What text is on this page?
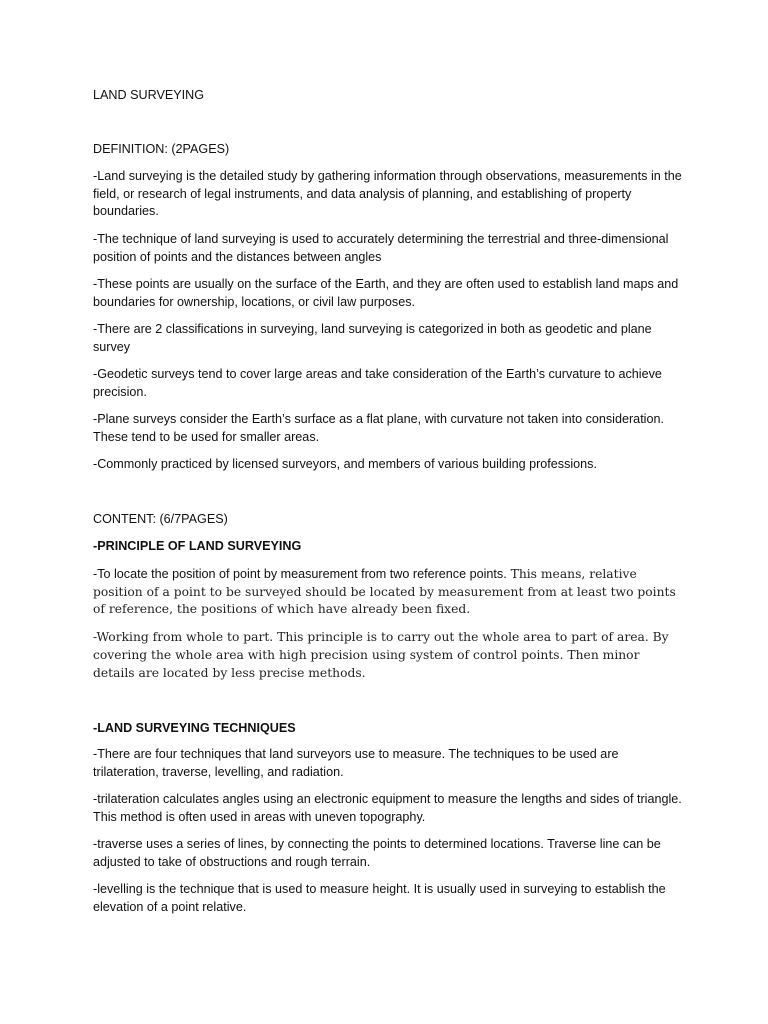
LAND SURVEYING

DEFINITION: (2PAGES)

-Land surveying is the detailed study by gathering information through observations, measurements in the field, or research of legal instruments, and data analysis of planning, and establishing of property boundaries.

-The technique of land surveying is used to accurately determining the terrestrial and three-dimensional position of points and the distances between angles

-These points are usually on the surface of the Earth, and they are often used to establish land maps and boundaries for ownership, locations, or civil law purposes.

-There are 2 classifications in surveying, land surveying is categorized in both as geodetic and plane survey

-Geodetic surveys tend to cover large areas and take consideration of the Earth’s curvature to achieve precision.

-Plane surveys consider the Earth’s surface as a flat plane, with curvature not taken into consideration. These tend to be used for smaller areas.

-Commonly practiced by licensed surveyors, and members of various building professions.

CONTENT: (6/7PAGES)

-PRINCIPLE OF LAND SURVEYING

-To locate the position of point by measurement from two reference points. This means, relative position of a point to be surveyed should be located by measurement from at least two points of reference, the positions of which have already been fixed.

-Working from whole to part. This principle is to carry out the whole area to part of area. By covering the whole area with high precision using system of control points. Then minor details are located by less precise methods.

-LAND SURVEYING TECHNIQUES

-There are four techniques that land surveyors use to measure. The techniques to be used are trilateration, traverse, levelling, and radiation.

-trilateration calculates angles using an electronic equipment to measure the lengths and sides of triangle. This method is often used in areas with uneven topography.

-traverse uses a series of lines, by connecting the points to determined locations. Traverse line can be adjusted to take of obstructions and rough terrain.

-levelling is the technique that is used to measure height. It is usually used in surveying to establish the elevation of a point relative.
